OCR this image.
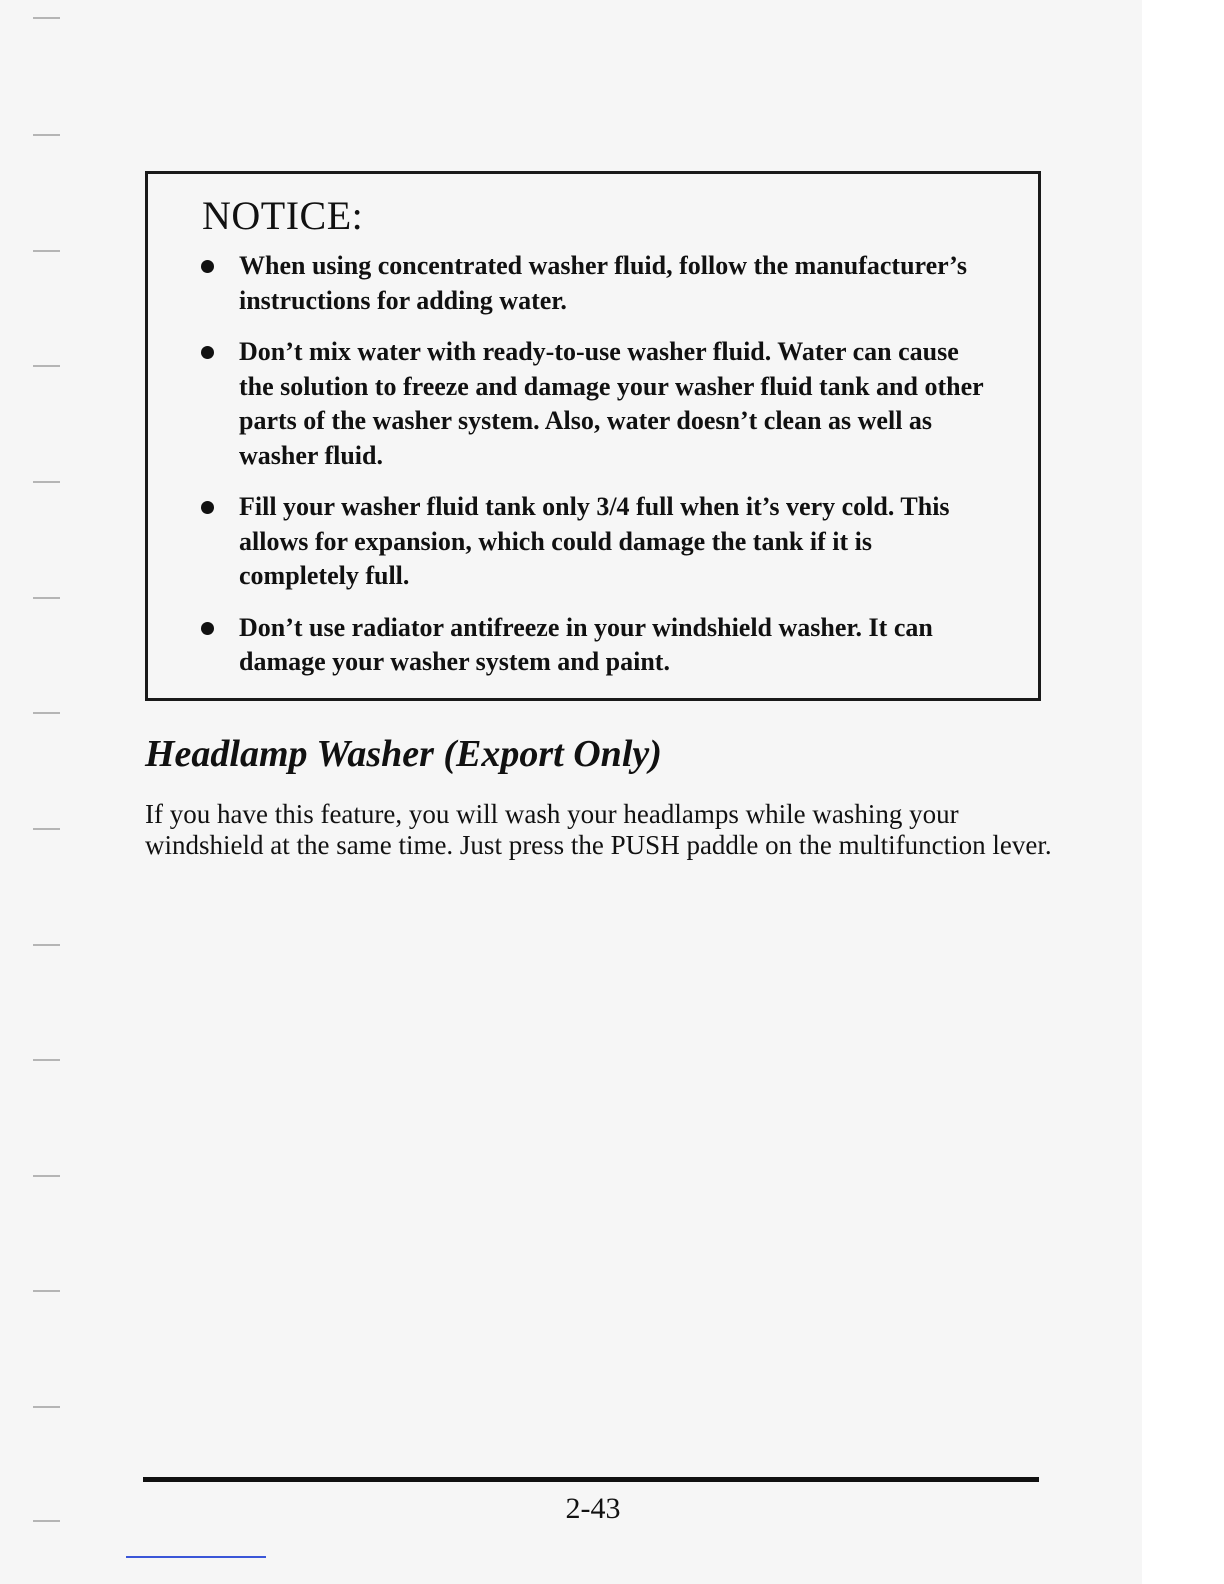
NOTICE:
When using concentrated washer fluid, follow the manufacturer’s instructions for adding water.
Don’t mix water with ready-to-use washer fluid. Water can cause the solution to freeze and damage your washer fluid tank and other parts of the washer system. Also, water doesn’t clean as well as washer fluid.
Fill your washer fluid tank only 3/4 full when it’s very cold. This allows for expansion, which could damage the tank if it is completely full.
Don’t use radiator antifreeze in your windshield washer. It can damage your washer system and paint.
Headlamp Washer (Export Only)

If you have this feature, you will wash your headlamps while washing your windshield at the same time. Just press the PUSH paddle on the multifunction lever.

2-43
